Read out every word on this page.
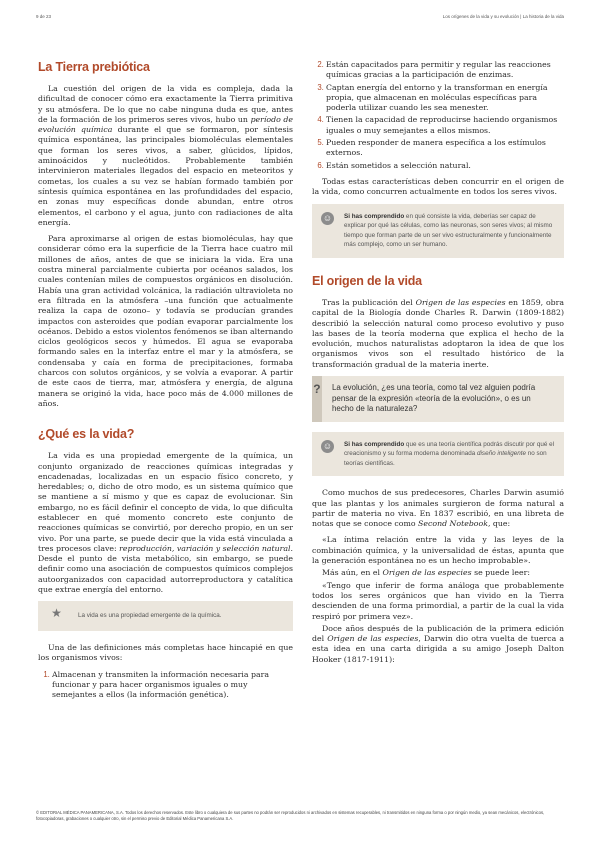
9 de 23	Los orígenes de la vida y su evolución | La historia de la vida
La Tierra prebiótica

La cuestión del origen de la vida es compleja, dada la dificultad de conocer cómo era exactamente la Tierra primitiva y su atmósfera. De lo que no cabe ninguna duda es que, antes de la formación de los primeros seres vivos, hubo un período de evolución química durante el que se formaron, por síntesis química espontánea, las principales biomoléculas elementales que forman los seres vivos, a saber, glúcidos, lípidos, aminoácidos y nucleótidos. Probablemente también intervinieron materiales llegados del espacio en meteoritos y cometas, los cuales a su vez se habían formado también por síntesis química espontánea en las profundidades del espacio, en zonas muy específicas donde abundan, entre otros elementos, el carbono y el agua, junto con radiaciones de alta energía.

Para aproximarse al origen de estas biomoléculas, hay que considerar cómo era la superficie de la Tierra hace cuatro mil millones de años, antes de que se iniciara la vida. Era una costra mineral parcialmente cubierta por océanos salados, los cuales contenían miles de compuestos orgánicos en disolución. Había una gran actividad volcánica, la radiación ultravioleta no era filtrada en la atmósfera –una función que actualmente realiza la capa de ozono– y todavía se producían grandes impactos con asteroides que podían evaporar parcialmente los océanos. Debido a estos violentos fenómenos se iban alternando ciclos geológicos secos y húmedos. El agua se evaporaba formando sales en la interfaz entre el mar y la atmósfera, se condensaba y caía en forma de precipitaciones, formaba charcos con solutos orgánicos, y se volvía a evaporar. A partir de este caos de tierra, mar, atmósfera y energía, de alguna manera se originó la vida, hace poco más de 4.000 millones de años.

¿Qué es la vida?

La vida es una propiedad emergente de la química, un conjunto organizado de reacciones químicas integradas y encadenadas, localizadas en un espacio físico concreto, y heredables; o, dicho de otro modo, es un sistema químico que se mantiene a sí mismo y que es capaz de evolucionar. Sin embargo, no es fácil definir el concepto de vida, lo que dificulta establecer en qué momento concreto este conjunto de reacciones químicas se convirtió, por derecho propio, en un ser vivo. Por una parte, se puede decir que la vida está vinculada a tres procesos clave: reproducción, variación y selección natural. Desde el punto de vista metabólico, sin embargo, se puede definir como una asociación de compuestos químicos complejos autoorganizados con capacidad autorreproductora y catalítica que extrae energía del entorno.

★	La vida es una propiedad emergente de la química.

Una de las definiciones más completas hace hincapié en que los organismos vivos:

1. Almacenan y transmiten la información necesaria para funcionar y para hacer organismos iguales o muy semejantes a ellos (la información genética).
2. Están capacitados para permitir y regular las reacciones químicas gracias a la participación de enzimas.
3. Captan energía del entorno y la transforman en energía propia, que almacenan en moléculas específicas para poderla utilizar cuando les sea menester.
4. Tienen la capacidad de reproducirse haciendo organismos iguales o muy semejantes a ellos mismos.
5. Pueden responder de manera específica a los estímulos externos.
6. Están sometidos a selección natural.

Todas estas características deben concurrir en el origen de la vida, como concurren actualmente en todos los seres vivos.

☺	Si has comprendido en qué consiste la vida, deberías ser capaz de explicar por qué las células, como las neuronas, son seres vivos; al mismo tiempo que forman parte de un ser vivo estructuralmente y funcionalmente más complejo, como un ser humano.
El origen de la vida

Tras la publicación del Origen de las especies en 1859, obra capital de la Biología donde Charles R. Darwin (1809-1882) describió la selección natural como proceso evolutivo y puso las bases de la teoría moderna que explica el hecho de la evolución, muchos naturalistas adoptaron la idea de que los organismos vivos son el resultado histórico de la transformación gradual de la materia inerte.

?	La evolución, ¿es una teoría, como tal vez alguien podría pensar de la expresión «teoría de la evolución», o es un hecho de la naturaleza?
☺	Si has comprendido que es una teoría científica podrás discutir por qué el creacionismo y su forma moderna denominada diseño inteligente no son teorías científicas.

Como muchos de sus predecesores, Charles Darwin asumió que las plantas y los animales surgieron de forma natural a partir de materia no viva. En 1837 escribió, en una libreta de notas que se conoce como Second Notebook, que:

«La íntima relación entre la vida y las leyes de la combinación química, y la universalidad de éstas, apunta que la generación espontánea no es un hecho improbable».

Más aún, en el Origen de las especies se puede leer:

«Tengo que inferir de forma análoga que probablemente todos los seres orgánicos que han vivido en la Tierra descienden de una forma primordial, a partir de la cual la vida respiró por primera vez».

Doce años después de la publicación de la primera edición del Origen de las especies, Darwin dio otra vuelta de tuerca a esta idea en una carta dirigida a su amigo Joseph Dalton Hooker (1817-1911):

© EDITORIAL MÉDICA PANAMERICANA, S.A. Todos los derechos reservados. Este libro o cualquiera de sus partes no podrán ser reproducidos ni archivados en sistemas recuperables, ni transmitidos en ninguna forma o por ningún medio, ya sean mecánicos, electrónicos, fotocopiadoras, grabaciones o cualquier otro, sin el permiso previo de Editorial Médica Panamericana S.A.
